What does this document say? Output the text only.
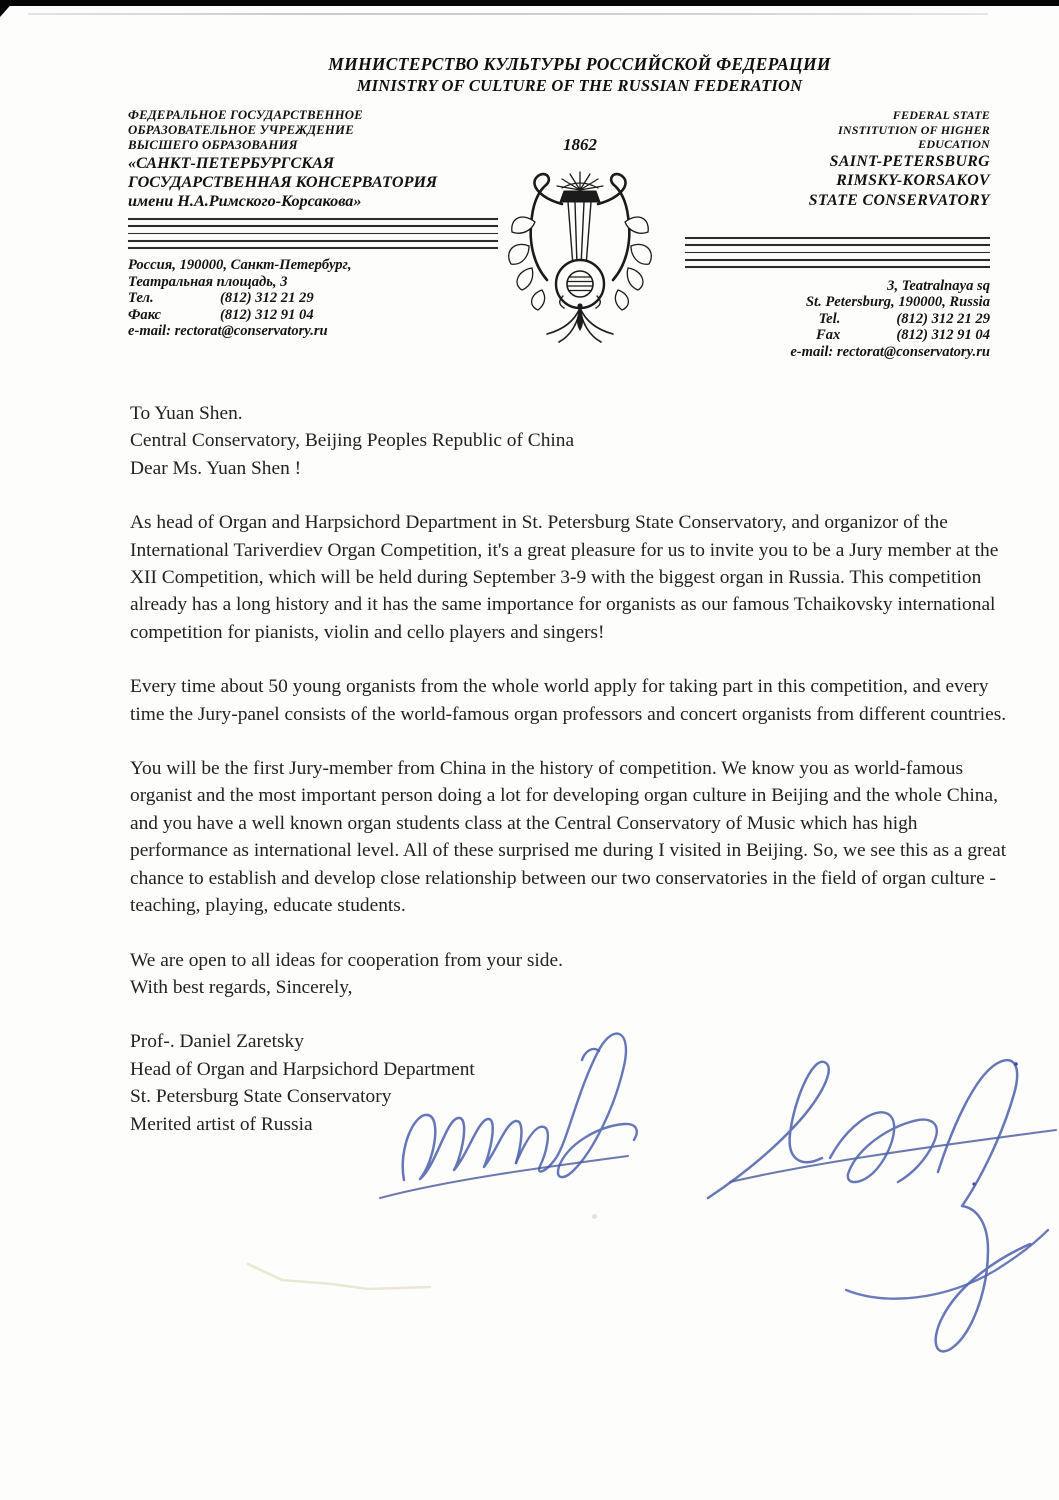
МИНИСТЕРСТВО КУЛЬТУРЫ РОССИЙСКОЙ ФЕДЕРАЦИИ
MINISTRY OF CULTURE OF THE RUSSIAN FEDERATION
ФЕДЕРАЛЬНОЕ ГОСУДАРСТВЕННОЕ
ОБРАЗОВАТЕЛЬНОЕ УЧРЕЖДЕНИЕ
ВЫСШЕГО ОБРАЗОВАНИЯ
«САНКТ-ПЕТЕРБУРГСКАЯ
ГОСУДАРСТВЕННАЯ КОНСЕРВАТОРИЯ
имени Н.А.Римского-Корсакова»
1862
FEDERAL STATE
INSTITUTION OF HIGHER
EDUCATION
SAINT-PETERSBURG
RIMSKY-KORSAKOV
STATE CONSERVATORY
Россия, 190000, Санкт-Петербург,
Театральная площадь, 3
Тел.	(812) 312 21 29
Факс	(812) 312 91 04
e-mail: rectorat@conservatory.ru
3, Teatralnaya sq
St. Petersburg, 190000, Russia
Tel.	(812) 312 21 29
Fax	(812) 312 91 04
e-mail: rectorat@conservatory.ru
To Yuan Shen.
Central Conservatory, Beijing Peoples Republic of China
Dear Ms. Yuan Shen !
As head of Organ and Harpsichord Department in St. Petersburg State Conservatory, and organizor of the International Tariverdiev Organ Competition, it's a great pleasure for us to invite you to be a Jury member at the XII Competition, which will be held during September 3-9 with the biggest organ in Russia. This competition already has a long history and it has the same importance for organists as our famous Tchaikovsky international competition for pianists, violin and cello players and singers!
Every time about 50 young organists from the whole world apply for taking part in this competition, and every time the Jury-panel consists of the world-famous organ professors and concert organists from different countries.
You will be the first Jury-member from China in the history of competition. We know you as world-famous organist and the most important person doing a lot for developing organ culture in Beijing and the whole China, and you have a well known organ students class at the Central Conservatory of Music which has high performance as international level. All of these surprised me during I visited in Beijing. So, we see this as a great chance to establish and develop close relationship between our two conservatories in the field of organ culture - teaching, playing, educate students.
We are open to all ideas for cooperation from your side.
With best regards, Sincerely,
Prof-. Daniel Zaretsky
Head of Organ and Harpsichord Department
St. Petersburg State Conservatory
Merited artist of Russia
